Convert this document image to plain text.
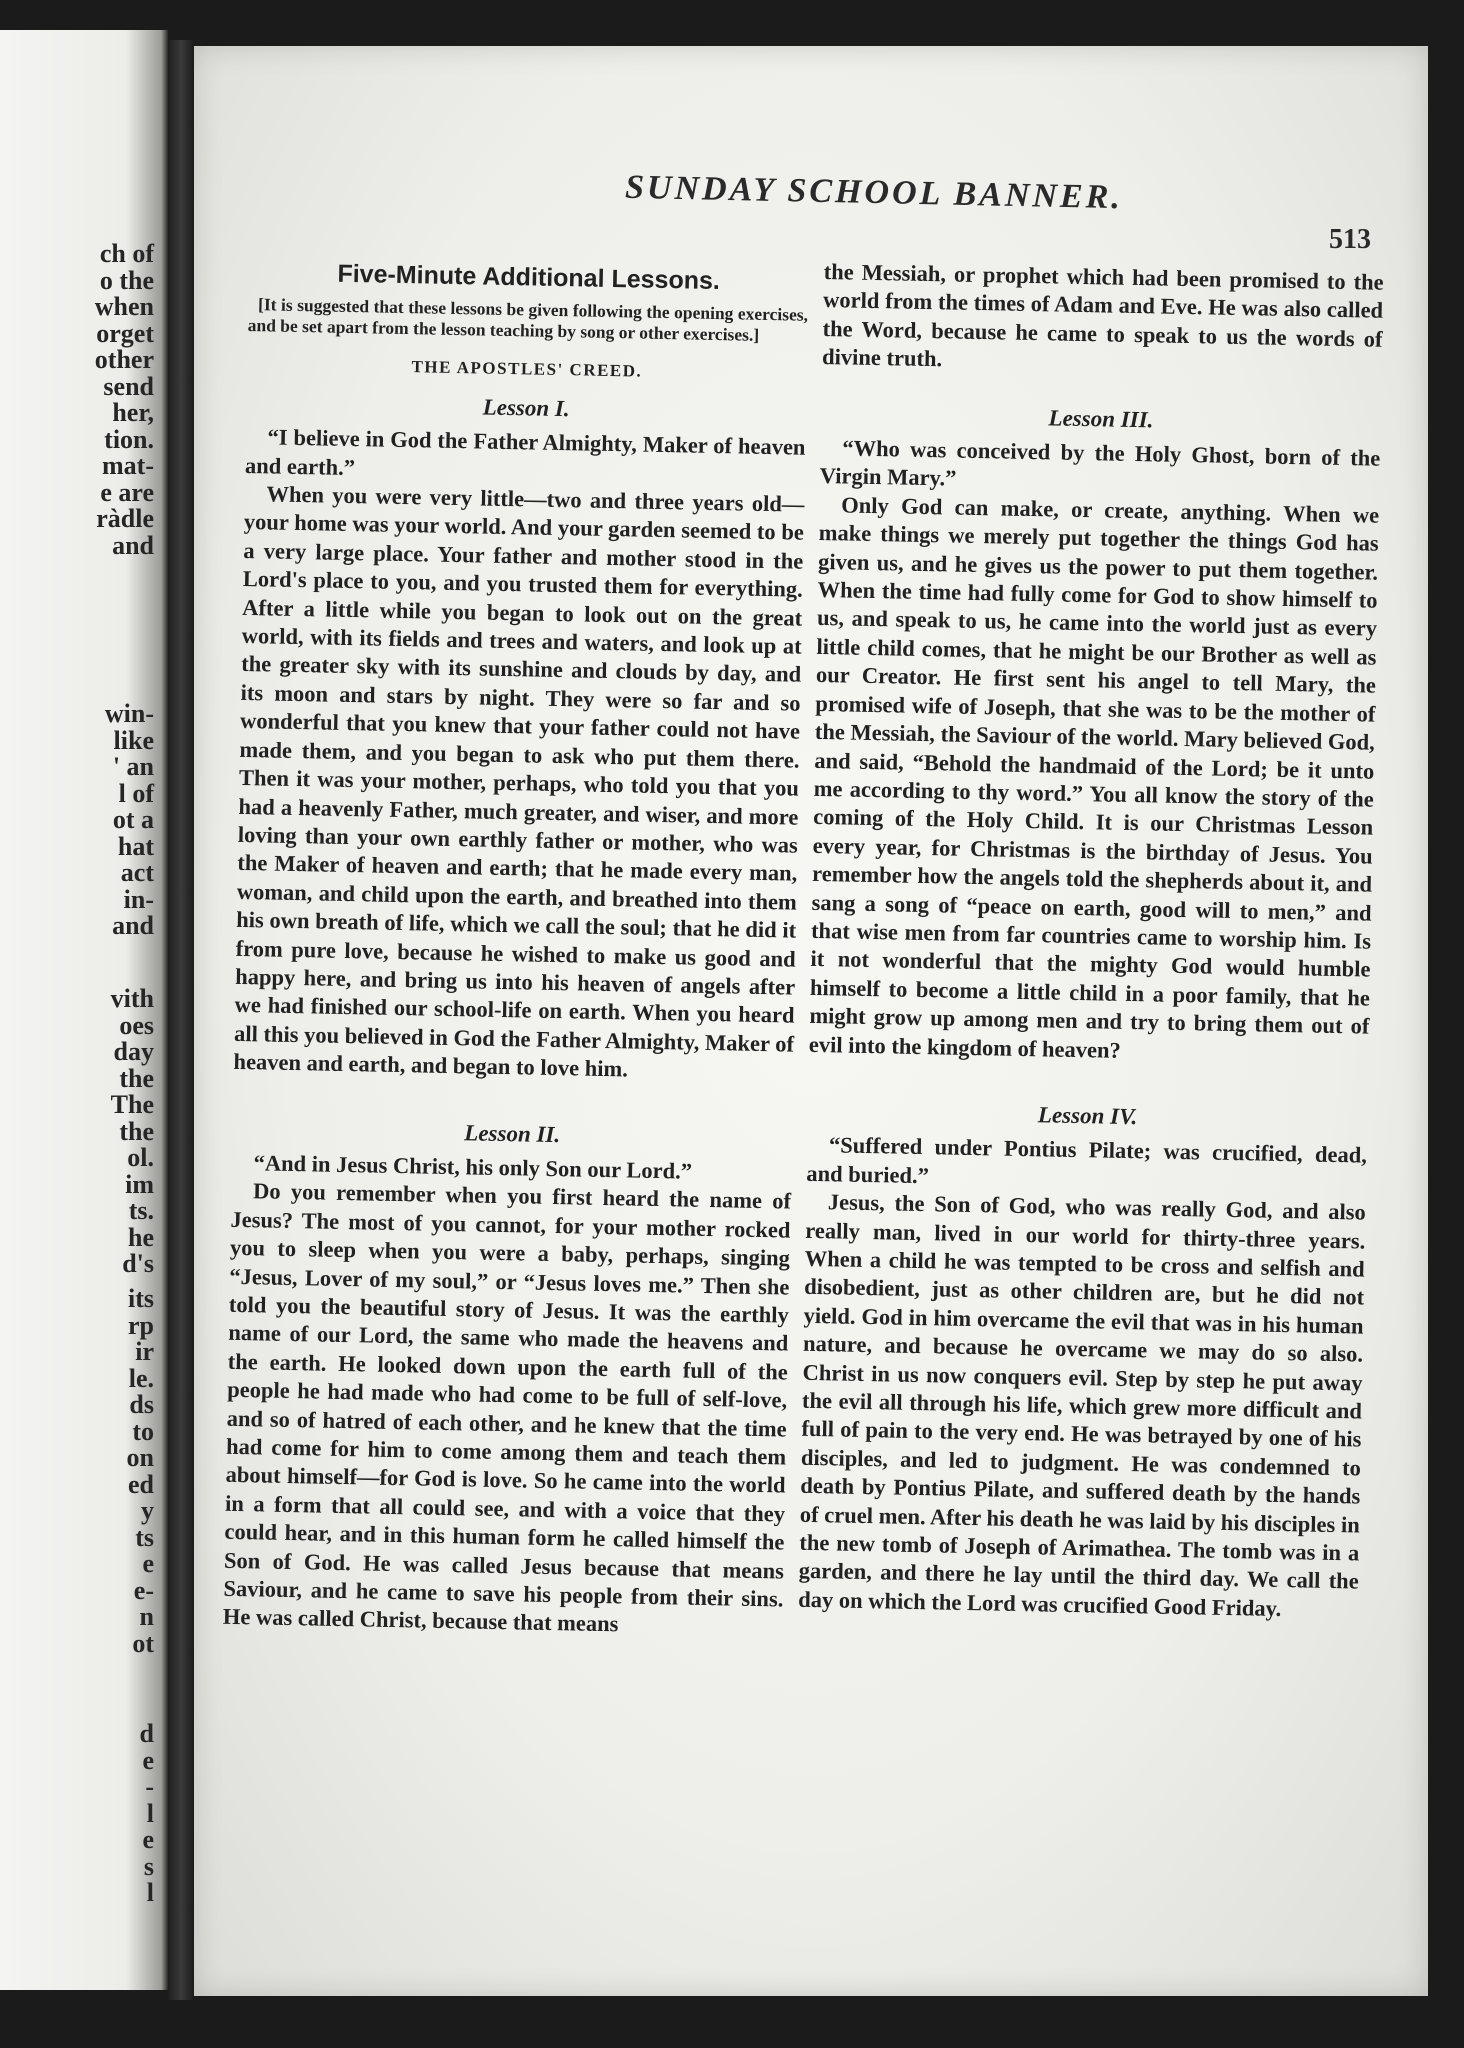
ch of
o the
when
orget
other
send
her,
tion.
mat-
e are
ràdle
and
win-
like
' an
l of
ot a
hat
act
in-
and
vith
oes
day
the
The
the
ol.
im
ts.
he
d's
its
rp
ir
le.
ds
to
on
ed
y
ts
e
e-
n
ot
d
e
-
l
e
s
l
SUNDAY SCHOOL BANNER.
513
Five-Minute Additional Lessons.

[It is suggested that these lessons be given following the opening exercises, and be set apart from the lesson teaching by song or other exercises.]

THE APOSTLES' CREED.
Lesson I.

“I believe in God the Father Almighty, Maker of heaven and earth.”

When you were very little—two and three years old—your home was your world. And your garden seemed to be a very large place. Your father and mother stood in the Lord's place to you, and you trusted them for everything. After a little while you began to look out on the great world, with its fields and trees and waters, and look up at the greater sky with its sunshine and clouds by day, and its moon and stars by night. They were so far and so wonderful that you knew that your father could not have made them, and you began to ask who put them there. Then it was your mother, perhaps, who told you that you had a heavenly Father, much greater, and wiser, and more loving than your own earthly father or mother, who was the Maker of heaven and earth; that he made every man, woman, and child upon the earth, and breathed into them his own breath of life, which we call the soul; that he did it from pure love, because he wished to make us good and happy here, and bring us into his heaven of angels after we had finished our school-life on earth. When you heard all this you believed in God the Father Almighty, Maker of heaven and earth, and began to love him.

Lesson II.

“And in Jesus Christ, his only Son our Lord.”

Do you remember when you first heard the name of Jesus? The most of you cannot, for your mother rocked you to sleep when you were a baby, perhaps, singing “Jesus, Lover of my soul,” or “Jesus loves me.” Then she told you the beautiful story of Jesus. It was the earthly name of our Lord, the same who made the heavens and the earth. He looked down upon the earth full of the people he had made who had come to be full of self-love, and so of hatred of each other, and he knew that the time had come for him to come among them and teach them about himself—for God is love. So he came into the world in a form that all could see, and with a voice that they could hear, and in this human form he called himself the Son of God. He was called Jesus because that means Saviour, and he came to save his people from their sins. He was called Christ, because that means

the Messiah, or prophet which had been promised to the world from the times of Adam and Eve. He was also called the Word, because he came to speak to us the words of divine truth.

Lesson III.

“Who was conceived by the Holy Ghost, born of the Virgin Mary.”

Only God can make, or create, anything. When we make things we merely put together the things God has given us, and he gives us the power to put them together. When the time had fully come for God to show himself to us, and speak to us, he came into the world just as every little child comes, that he might be our Brother as well as our Creator. He first sent his angel to tell Mary, the promised wife of Joseph, that she was to be the mother of the Messiah, the Saviour of the world. Mary believed God, and said, “Behold the handmaid of the Lord; be it unto me according to thy word.” You all know the story of the coming of the Holy Child. It is our Christmas Lesson every year, for Christmas is the birthday of Jesus. You remember how the angels told the shepherds about it, and sang a song of “peace on earth, good will to men,” and that wise men from far countries came to worship him. Is it not wonderful that the mighty God would humble himself to become a little child in a poor family, that he might grow up among men and try to bring them out of evil into the kingdom of heaven?

Lesson IV.

“Suffered under Pontius Pilate; was crucified, dead, and buried.”

Jesus, the Son of God, who was really God, and also really man, lived in our world for thirty-three years. When a child he was tempted to be cross and selfish and disobedient, just as other children are, but he did not yield. God in him overcame the evil that was in his human nature, and because he overcame we may do so also. Christ in us now conquers evil. Step by step he put away the evil all through his life, which grew more difficult and full of pain to the very end. He was betrayed by one of his disciples, and led to judgment. He was condemned to death by Pontius Pilate, and suffered death by the hands of cruel men. After his death he was laid by his disciples in the new tomb of Joseph of Arimathea. The tomb was in a garden, and there he lay until the third day. We call the day on which the Lord was crucified Good Friday.
